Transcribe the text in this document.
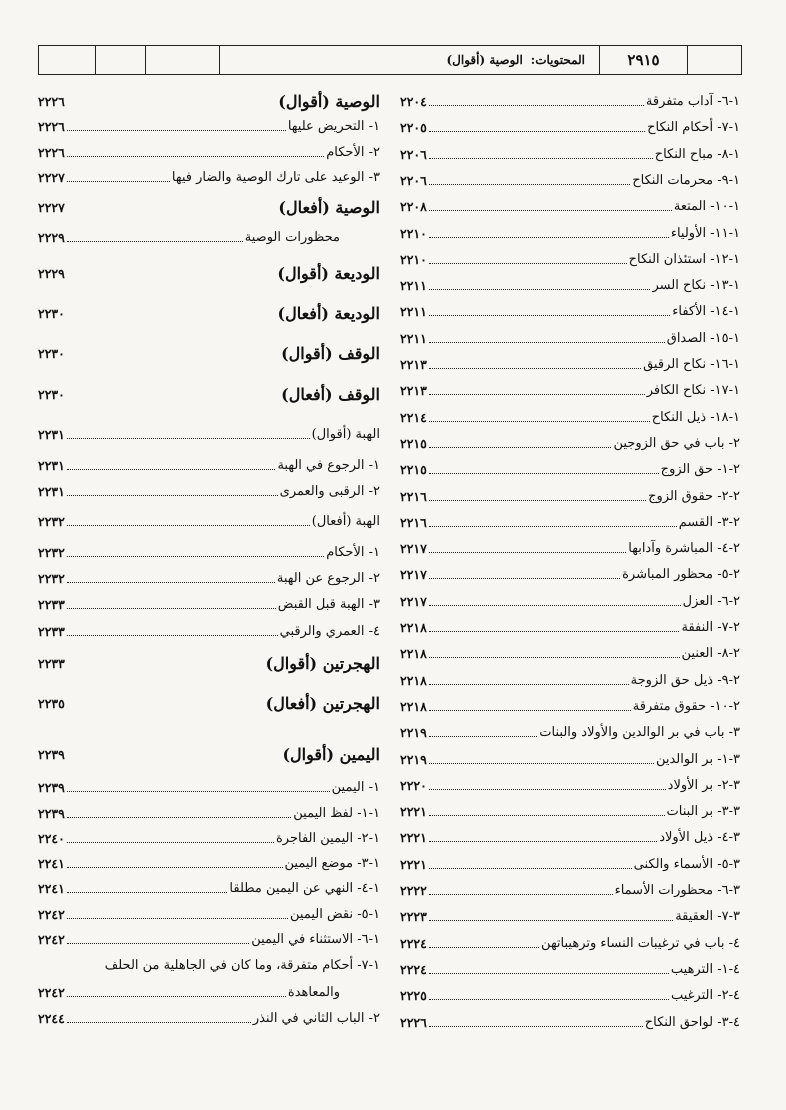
٢٩١٥
المحتويات:
الوصية (أقوال)
١-٦- آداب متفرقة
٢٢٠٤
١-٧- أحكام النكاح
٢٢٠٥
١-٨- مباح النكاح
٢٢٠٦
١-٩- محرمات النكاح
٢٢٠٦
١-١٠- المتعة
٢٢٠٨
١-١١- الأولياء
٢٢١٠
١-١٢- استئذان النكاح
٢٢١٠
١-١٣- نكاح السر
٢٢١١
١-١٤- الأكفاء
٢٢١١
١-١٥- الصداق
٢٢١١
١-١٦- نكاح الرقيق
٢٢١٣
١-١٧- نكاح الكافر
٢٢١٣
١-١٨- ذيل النكاح
٢٢١٤
٢- باب في حق الزوجين
٢٢١٥
٢-١- حق الزوج
٢٢١٥
٢-٢- حقوق الزوج
٢٢١٦
٢-٣- القسم
٢٢١٦
٢-٤- المباشرة وآدابها
٢٢١٧
٢-٥- محظور المباشرة
٢٢١٧
٢-٦- العزل
٢٢١٧
٢-٧- النفقة
٢٢١٨
٢-٨- العنين
٢٢١٨
٢-٩- ذيل حق الزوجة
٢٢١٨
٢-١٠- حقوق متفرقة
٢٢١٨
٣- باب في بر الوالدين والأولاد والبنات
٢٢١٩
٣-١- بر الوالدين
٢٢١٩
٣-٢- بر الأولاد
٢٢٢٠
٣-٣- بر البنات
٢٢٢١
٣-٤- ذيل الأولاد
٢٢٢١
٣-٥- الأسماء والكنى
٢٢٢١
٣-٦- محظورات الأسماء
٢٢٢٢
٣-٧- العقيقة
٢٢٢٣
٤- باب في ترغيبات النساء وترهيباتهن
٢٢٢٤
٤-١- الترهيب
٢٢٢٤
٤-٢- الترغيب
٢٢٢٥
٤-٣- لواحق النكاح
٢٢٢٦
الوصية (أقوال)
٢٢٢٦
١- التحريض عليها
٢٢٢٦
٢- الأحكام
٢٢٢٦
٣- الوعيد على تارك الوصية والضار فيها
٢٢٢٧
الوصية (أفعال)
٢٢٢٧
محظورات الوصية
٢٢٢٩
الوديعة (أقوال)
٢٢٢٩
الوديعة (أفعال)
٢٢٣٠
الوقف (أقوال)
٢٢٣٠
الوقف (أفعال)
٢٢٣٠
الهبة (أقوال)
٢٢٣١
١- الرجوع في الهبة
٢٢٣١
٢- الرقبى والعمرى
٢٢٣١
الهبة (أفعال)
٢٢٣٢
١- الأحكام
٢٢٣٢
٢- الرجوع عن الهبة
٢٢٣٢
٣- الهبة قبل القبض
٢٢٣٣
٤- العمري والرقبي
٢٢٣٣
الهجرتين (أقوال)
٢٢٣٣
الهجرتين (أفعال)
٢٢٣٥
اليمين (أقوال)
٢٢٣٩
١- اليمين
٢٢٣٩
١-١- لفظ اليمين
٢٢٣٩
١-٢- اليمين الفاجرة
٢٢٤٠
١-٣- موضع اليمين
٢٢٤١
١-٤- النهي عن اليمين مطلقا
٢٢٤١
١-٥- نقض اليمين
٢٢٤٢
١-٦- الاستثناء في اليمين
٢٢٤٢
١-٧- أحكام متفرقة، وما كان في الجاهلية من الحلف
والمعاهدة
٢٢٤٢
٢- الباب الثاني في النذر
٢٢٤٤
